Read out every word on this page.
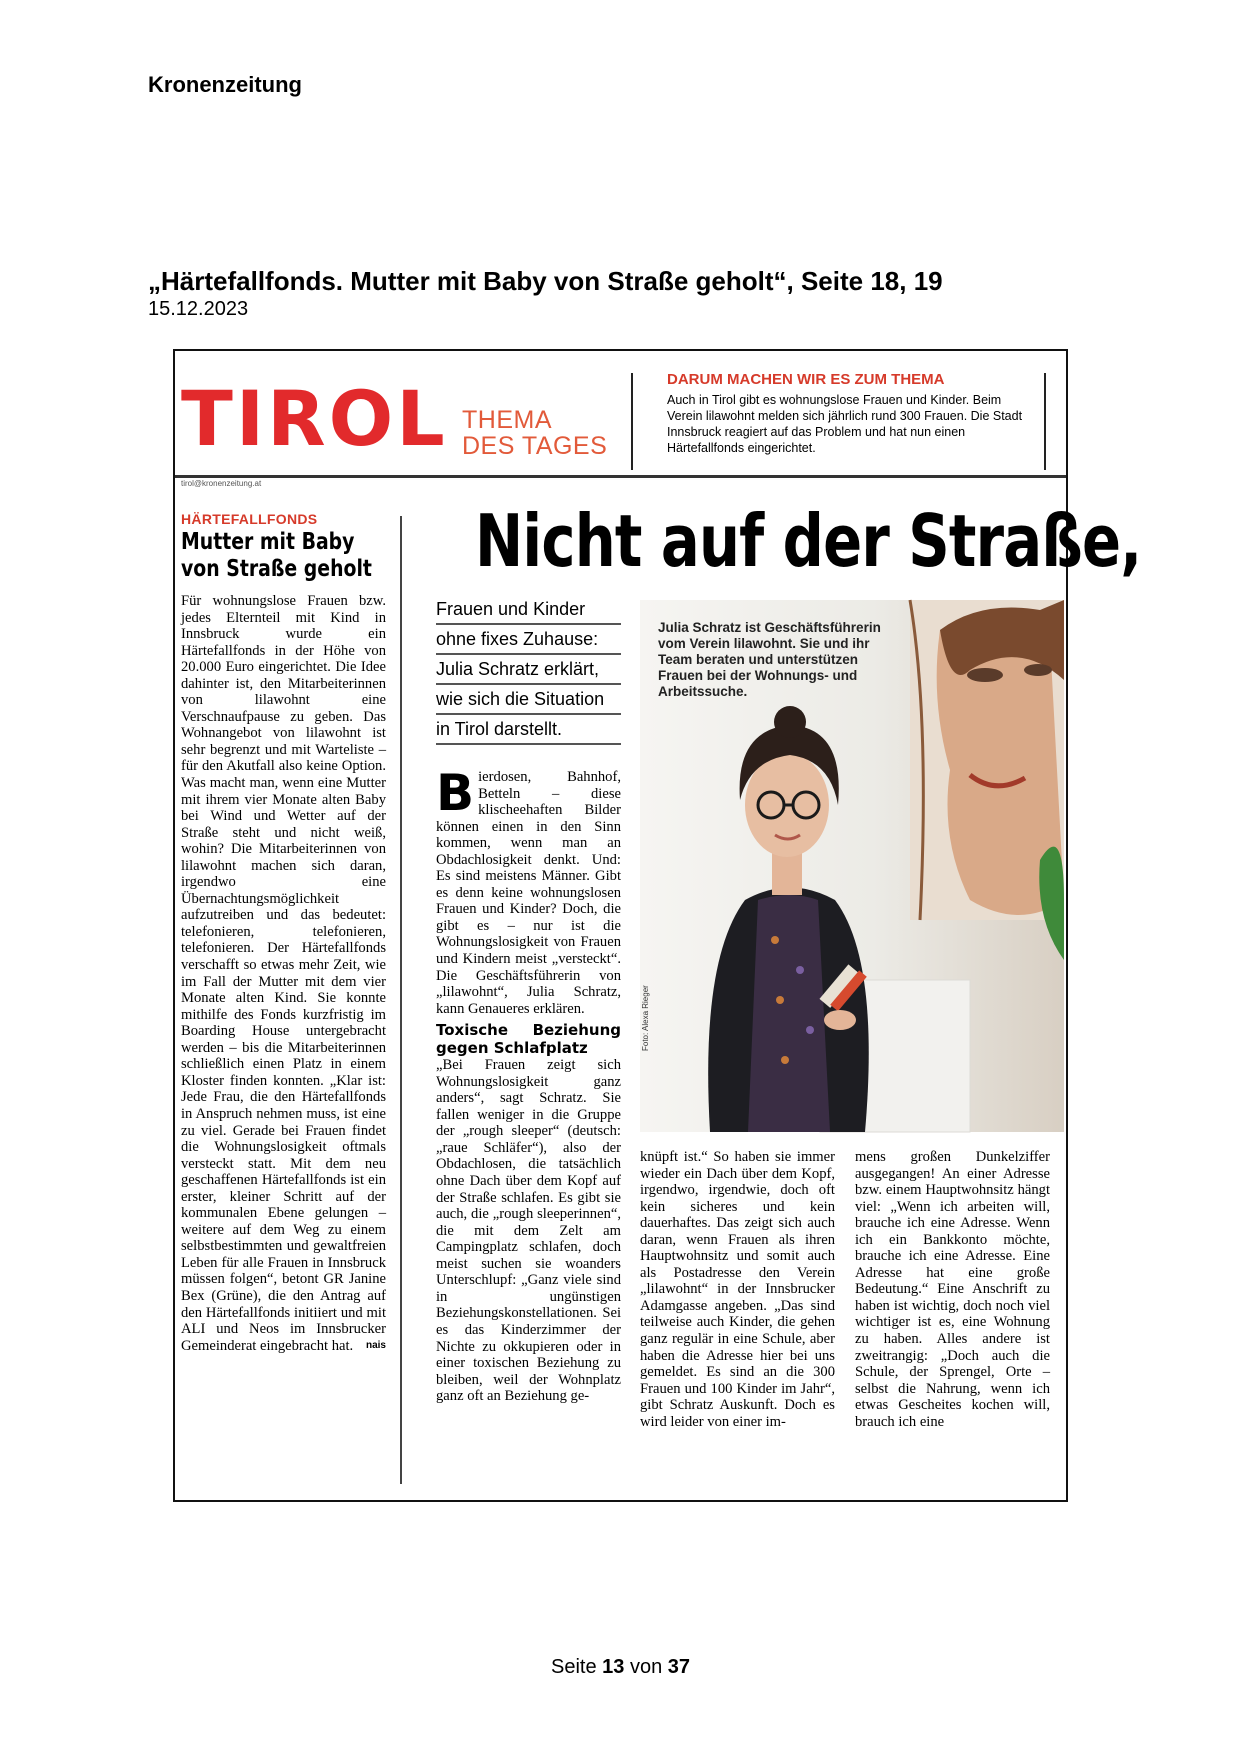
Kronenzeitung
„Härtefallfonds. Mutter mit Baby von Straße geholt“, Seite 18, 19
15.12.2023
TIROL THEMA
DES TAGES
DARUM MACHEN WIR ES ZUM THEMA
Auch in Tirol gibt es wohnungslose Frauen und Kinder. Beim Verein lilawohnt melden sich jährlich rund 300 Frauen. Die Stadt Innsbruck reagiert auf das Problem und hat nun einen Härtefallfonds eingerichtet.
tirol@kronenzeitung.at
HÄRTEFALLFONDS
Mutter mit Baby von Straße geholt
Für wohnungslose Frauen bzw. jedes Elternteil mit Kind in Innsbruck wurde ein Härtefallfonds in der Höhe von 20.000 Euro eingerichtet. Die Idee dahinter ist, den Mitarbeiterinnen von lilawohnt eine Verschnaufpause zu geben. Das Wohnangebot von lilawohnt ist sehr begrenzt und mit Warteliste – für den Akutfall also keine Option. Was macht man, wenn eine Mutter mit ihrem vier Monate alten Baby bei Wind und Wetter auf der Straße steht und nicht weiß, wohin? Die Mitarbeiterinnen von lilawohnt machen sich daran, irgendwo eine Übernachtungsmöglichkeit aufzutreiben und das bedeutet: telefonieren, telefonieren, telefonieren. Der Härtefallfonds verschafft so etwas mehr Zeit, wie im Fall der Mutter mit dem vier Monate alten Kind. Sie konnte mithilfe des Fonds kurzfristig im Boarding House untergebracht werden – bis die Mitarbeiterinnen schließlich einen Platz in einem Kloster finden konnten. „Klar ist: Jede Frau, die den Härtefallfonds in Anspruch nehmen muss, ist eine zu viel. Gerade bei Frauen findet die Wohnungslosigkeit oftmals versteckt statt. Mit dem neu geschaffenen Härtefallfonds ist ein erster, kleiner Schritt auf der kommunalen Ebene gelungen – weitere auf dem Weg zu einem selbstbestimmten und gewaltfreien Leben für alle Frauen in Innsbruck müssen folgen“, betont GR Janine Bex (Grüne), die den Antrag auf den Härtefallfonds initiiert und mit ALI und Neos im Innsbrucker Gemeinderat eingebracht hat. nais
Nicht auf der Straße,
Frauen und Kinder
ohne fixes Zuhause:
Julia Schratz erklärt,
wie sich die Situation
in Tirol darstellt.
Bierdosen, Bahnhof, Betteln – diese klischeehaften Bilder können einen in den Sinn kommen, wenn man an Obdachlosigkeit denkt. Und: Es sind meistens Männer. Gibt es denn keine wohnungslosen Frauen und Kinder? Doch, die gibt es – nur ist die Wohnungslosigkeit von Frauen und Kindern meist „versteckt“. Die Geschäftsführerin von „lilawohnt“, Julia Schratz, kann Genaueres erklären.
Toxische Beziehung gegen Schlafplatz
„Bei Frauen zeigt sich Wohnungslosigkeit ganz anders“, sagt Schratz. Sie fallen weniger in die Gruppe der „rough sleeper“ (deutsch: „raue Schläfer“), also der Obdachlosen, die tatsächlich ohne Dach über dem Kopf auf der Straße schlafen. Es gibt sie auch, die „rough sleeperinnen“, die mit dem Zelt am Campingplatz schlafen, doch meist suchen sie woanders Unterschlupf: „Ganz viele sind in ungünstigen Beziehungskonstellationen. Sei es das Kinderzimmer der Nichte zu okkupieren oder in einer toxischen Beziehung zu bleiben, weil der Wohnplatz ganz oft an Beziehung ge-
Julia Schratz ist Geschäftsführerin vom Verein lilawohnt. Sie und ihr Team beraten und unterstützen Frauen bei der Wohnungs- und Arbeitssuche.
Foto: Alexa Rieger
knüpft ist.“ So haben sie immer wieder ein Dach über dem Kopf, irgendwo, irgendwie, doch oft kein sicheres und kein dauerhaftes. Das zeigt sich auch daran, wenn Frauen als ihren Hauptwohnsitz und somit auch als Postadresse den Verein „lilawohnt“ in der Innsbrucker Adamgasse angeben. „Das sind teilweise auch Kinder, die gehen ganz regulär in eine Schule, aber haben die Adresse hier bei uns gemeldet. Es sind an die 300 Frauen und 100 Kinder im Jahr“, gibt Schratz Auskunft. Doch es wird leider von einer im-
mens großen Dunkelziffer ausgegangen! An einer Adresse bzw. einem Hauptwohnsitz hängt viel: „Wenn ich arbeiten will, brauche ich eine Adresse. Wenn ich ein Bankkonto möchte, brauche ich eine Adresse. Eine Adresse hat eine große Bedeutung.“ Eine Anschrift zu haben ist wichtig, doch noch viel wichtiger ist es, eine Wohnung zu haben. Alles andere ist zweitrangig: „Doch auch die Schule, der Sprengel, Orte – selbst die Nahrung, wenn ich etwas Gescheites kochen will, brauch ich eine
Seite 13 von 37
